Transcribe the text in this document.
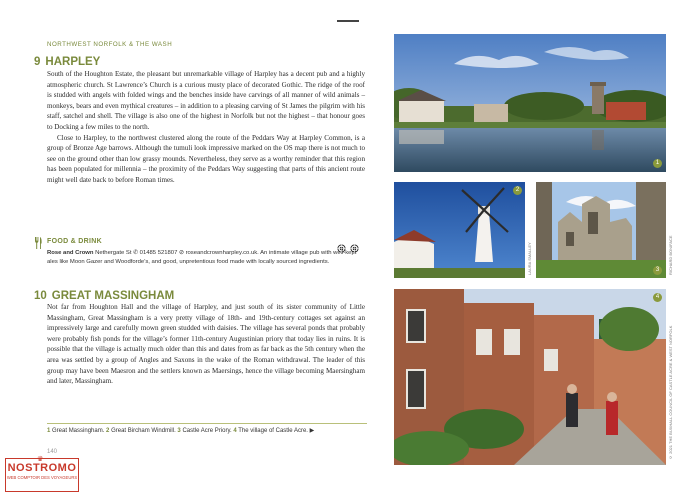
NORTHWEST NORFOLK & THE WASH
9 HARPLEY

South of the Houghton Estate, the pleasant but unremarkable village of Harpley has a decent pub and a highly atmospheric church. St Lawrence’s Church is a curious musty place of decorated Gothic. The ridge of the roof is studded with angels with folded wings and the benches inside have carvings of all manner of wild animals – monkeys, bears and even mythical creatures – in addition to a pleasing carving of St James the pilgrim with his staff, satchel and shell. The village is also one of the highest in Norfolk but not the highest – that honour goes to Docking a few miles to the north.

Close to Harpley, to the northwest clustered along the route of the Peddars Way at Harpley Common, is a group of Bronze Age barrows. Although the tumuli look impressive marked on the OS map there is not much to see on the ground other than low grassy mounds. Nevertheless, they serve as a worthy reminder that this region has been populated for millennia – the proximity of the Peddars Way suggesting that parts of this ancient route might well date back to before Roman times.

FOOD & DRINK
Rose and Crown Nethergate St ✆ 01485 521807 ⊘ roseandcrownharpley.co.uk. An intimate village pub with well-kept ales like Moon Gazer and Woodforde’s, and good, unpretentious food made with locally sourced ingredients.
10 GREAT MASSINGHAM

Not far from Houghton Hall and the village of Harpley, and just south of its sister community of Little Massingham, Great Massingham is a very pretty village of 18th- and 19th-century cottages set against an impressively large and carefully mown green studded with daisies. The village has several ponds that probably were probably fish ponds for the village’s former 11th-century Augustinian priory that today lies in ruins. It is possible that the village is actually much older than this and dates from as far back as the 5th century when the area was settled by a group of Angles and Saxons in the wake of the Roman withdrawal. The leader of this group may have been Maesron and the settlers known as Maersings, hence the village becoming Maersingham and later, Massingham.

1 Great Massingham. 2 Great Bircham Windmill. 3 Castle Acre Priory. 4 The village of Castle Acre. ▶
140
1
2
LAURA SMALLEY	3	RICHARD BONIFACE
4
© 2021 THE BUXHALL COUNCIL OF CASTLE ACRE & WEST NORFOLK
♛
NOSTROMO
WEB COMPTOIR DES VOYAGEURS
